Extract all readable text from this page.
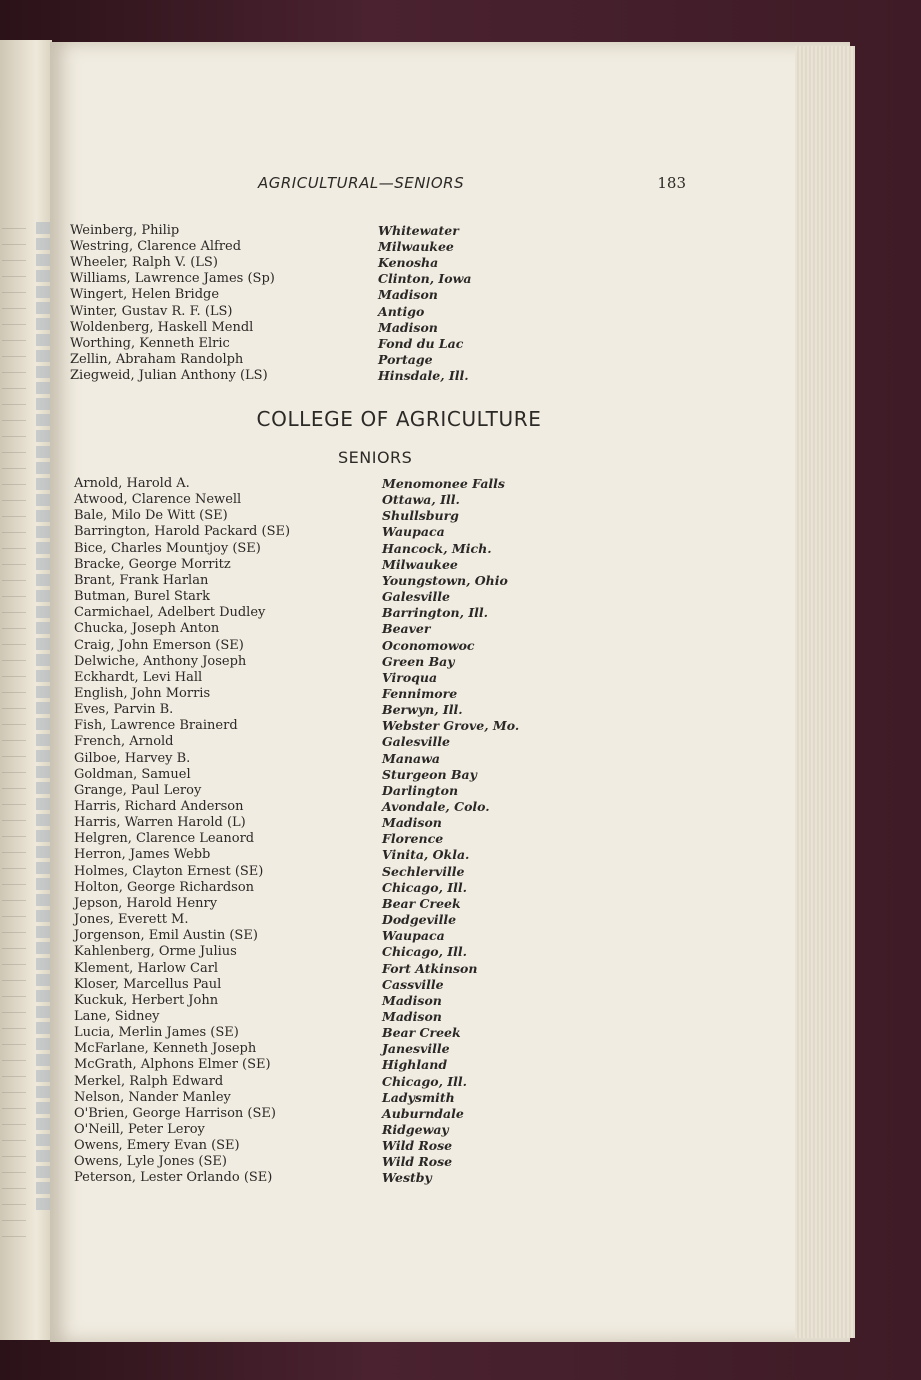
——
——
——
——
——
——
——
——
——
——
——
——
——
——
——
——
——
——
——
——
——
——
——
——
——
——
——
——
——
——
——
——
——
——
——
——
——
——
——
——
——
——
——
——
——
——
——
——
——
——
——
——
——
——
——
——
——
——
——
——
——
——
——
——
AGRICULTURAL—SENIORS	183
Weinberg, Philip	Whitewater
Westring, Clarence Alfred	Milwaukee
Wheeler, Ralph V. (LS)	Kenosha
Williams, Lawrence James (Sp)	Clinton, Iowa
Wingert, Helen Bridge	Madison
Winter, Gustav R. F. (LS)	Antigo
Woldenberg, Haskell Mendl	Madison
Worthing, Kenneth Elric	Fond du Lac
Zellin, Abraham Randolph	Portage
Ziegweid, Julian Anthony (LS)	Hinsdale, Ill.
COLLEGE OF AGRICULTURE
SENIORS
Arnold, Harold A.	Menomonee Falls
Atwood, Clarence Newell	Ottawa, Ill.
Bale, Milo De Witt (SE)	Shullsburg
Barrington, Harold Packard (SE)	Waupaca
Bice, Charles Mountjoy (SE)	Hancock, Mich.
Bracke, George Morritz	Milwaukee
Brant, Frank Harlan	Youngstown, Ohio
Butman, Burel Stark	Galesville
Carmichael, Adelbert Dudley	Barrington, Ill.
Chucka, Joseph Anton	Beaver
Craig, John Emerson (SE)	Oconomowoc
Delwiche, Anthony Joseph	Green Bay
Eckhardt, Levi Hall	Viroqua
English, John Morris	Fennimore
Eves, Parvin B.	Berwyn, Ill.
Fish, Lawrence Brainerd	Webster Grove, Mo.
French, Arnold	Galesville
Gilboe, Harvey B.	Manawa
Goldman, Samuel	Sturgeon Bay
Grange, Paul Leroy	Darlington
Harris, Richard Anderson	Avondale, Colo.
Harris, Warren Harold (L)	Madison
Helgren, Clarence Leanord	Florence
Herron, James Webb	Vinita, Okla.
Holmes, Clayton Ernest (SE)	Sechlerville
Holton, George Richardson	Chicago, Ill.
Jepson, Harold Henry	Bear Creek
Jones, Everett M.	Dodgeville
Jorgenson, Emil Austin (SE)	Waupaca
Kahlenberg, Orme Julius	Chicago, Ill.
Klement, Harlow Carl	Fort Atkinson
Kloser, Marcellus Paul	Cassville
Kuckuk, Herbert John	Madison
Lane, Sidney	Madison
Lucia, Merlin James (SE)	Bear Creek
McFarlane, Kenneth Joseph	Janesville
McGrath, Alphons Elmer (SE)	Highland
Merkel, Ralph Edward	Chicago, Ill.
Nelson, Nander Manley	Ladysmith
O'Brien, George Harrison (SE)	Auburndale
O'Neill, Peter Leroy	Ridgeway
Owens, Emery Evan (SE)	Wild Rose
Owens, Lyle Jones (SE)	Wild Rose
Peterson, Lester Orlando (SE)	Westby
